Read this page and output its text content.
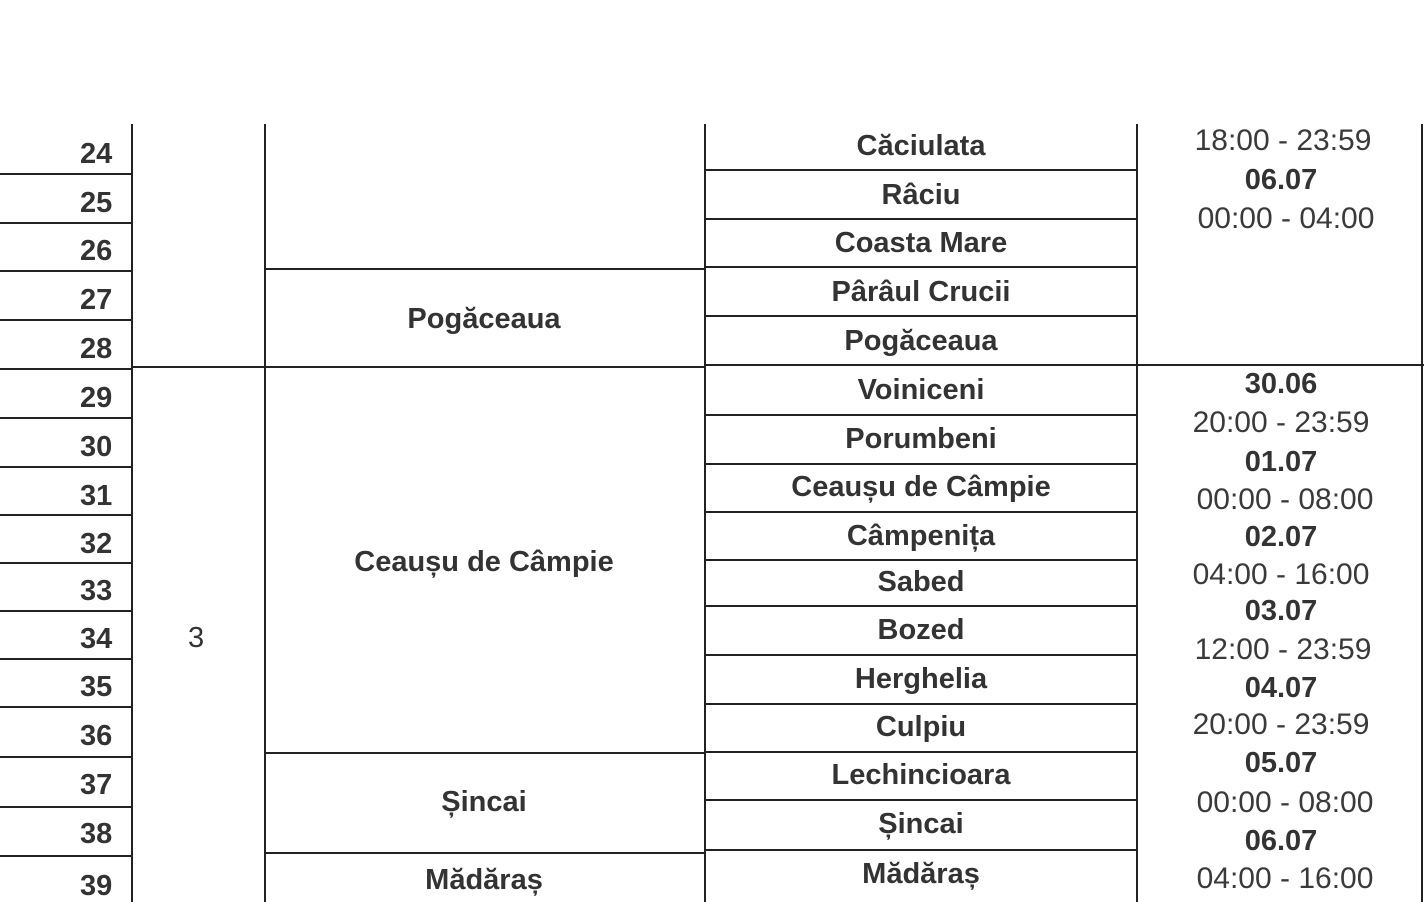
24
25
26
27
28
29
30
31
32
33
34
35
36
37
38
39
3
Pogăceaua
Ceaușu de Câmpie
Șincai
Mădăraș
Căciulata
Râciu
Coasta Mare
Pârâul Crucii
Pogăceaua
Voiniceni
Porumbeni
Ceaușu de Câmpie
Câmpenița
Sabed
Bozed
Herghelia
Culpiu
Lechincioara
Șincai
Mădăraș
18:00 - 23:59
06.07
00:00 - 04:00
30.06
20:00 - 23:59
01.07
00:00 - 08:00
02.07
04:00 - 16:00
03.07
12:00 - 23:59
04.07
20:00 - 23:59
05.07
00:00 - 08:00
06.07
04:00 - 16:00
